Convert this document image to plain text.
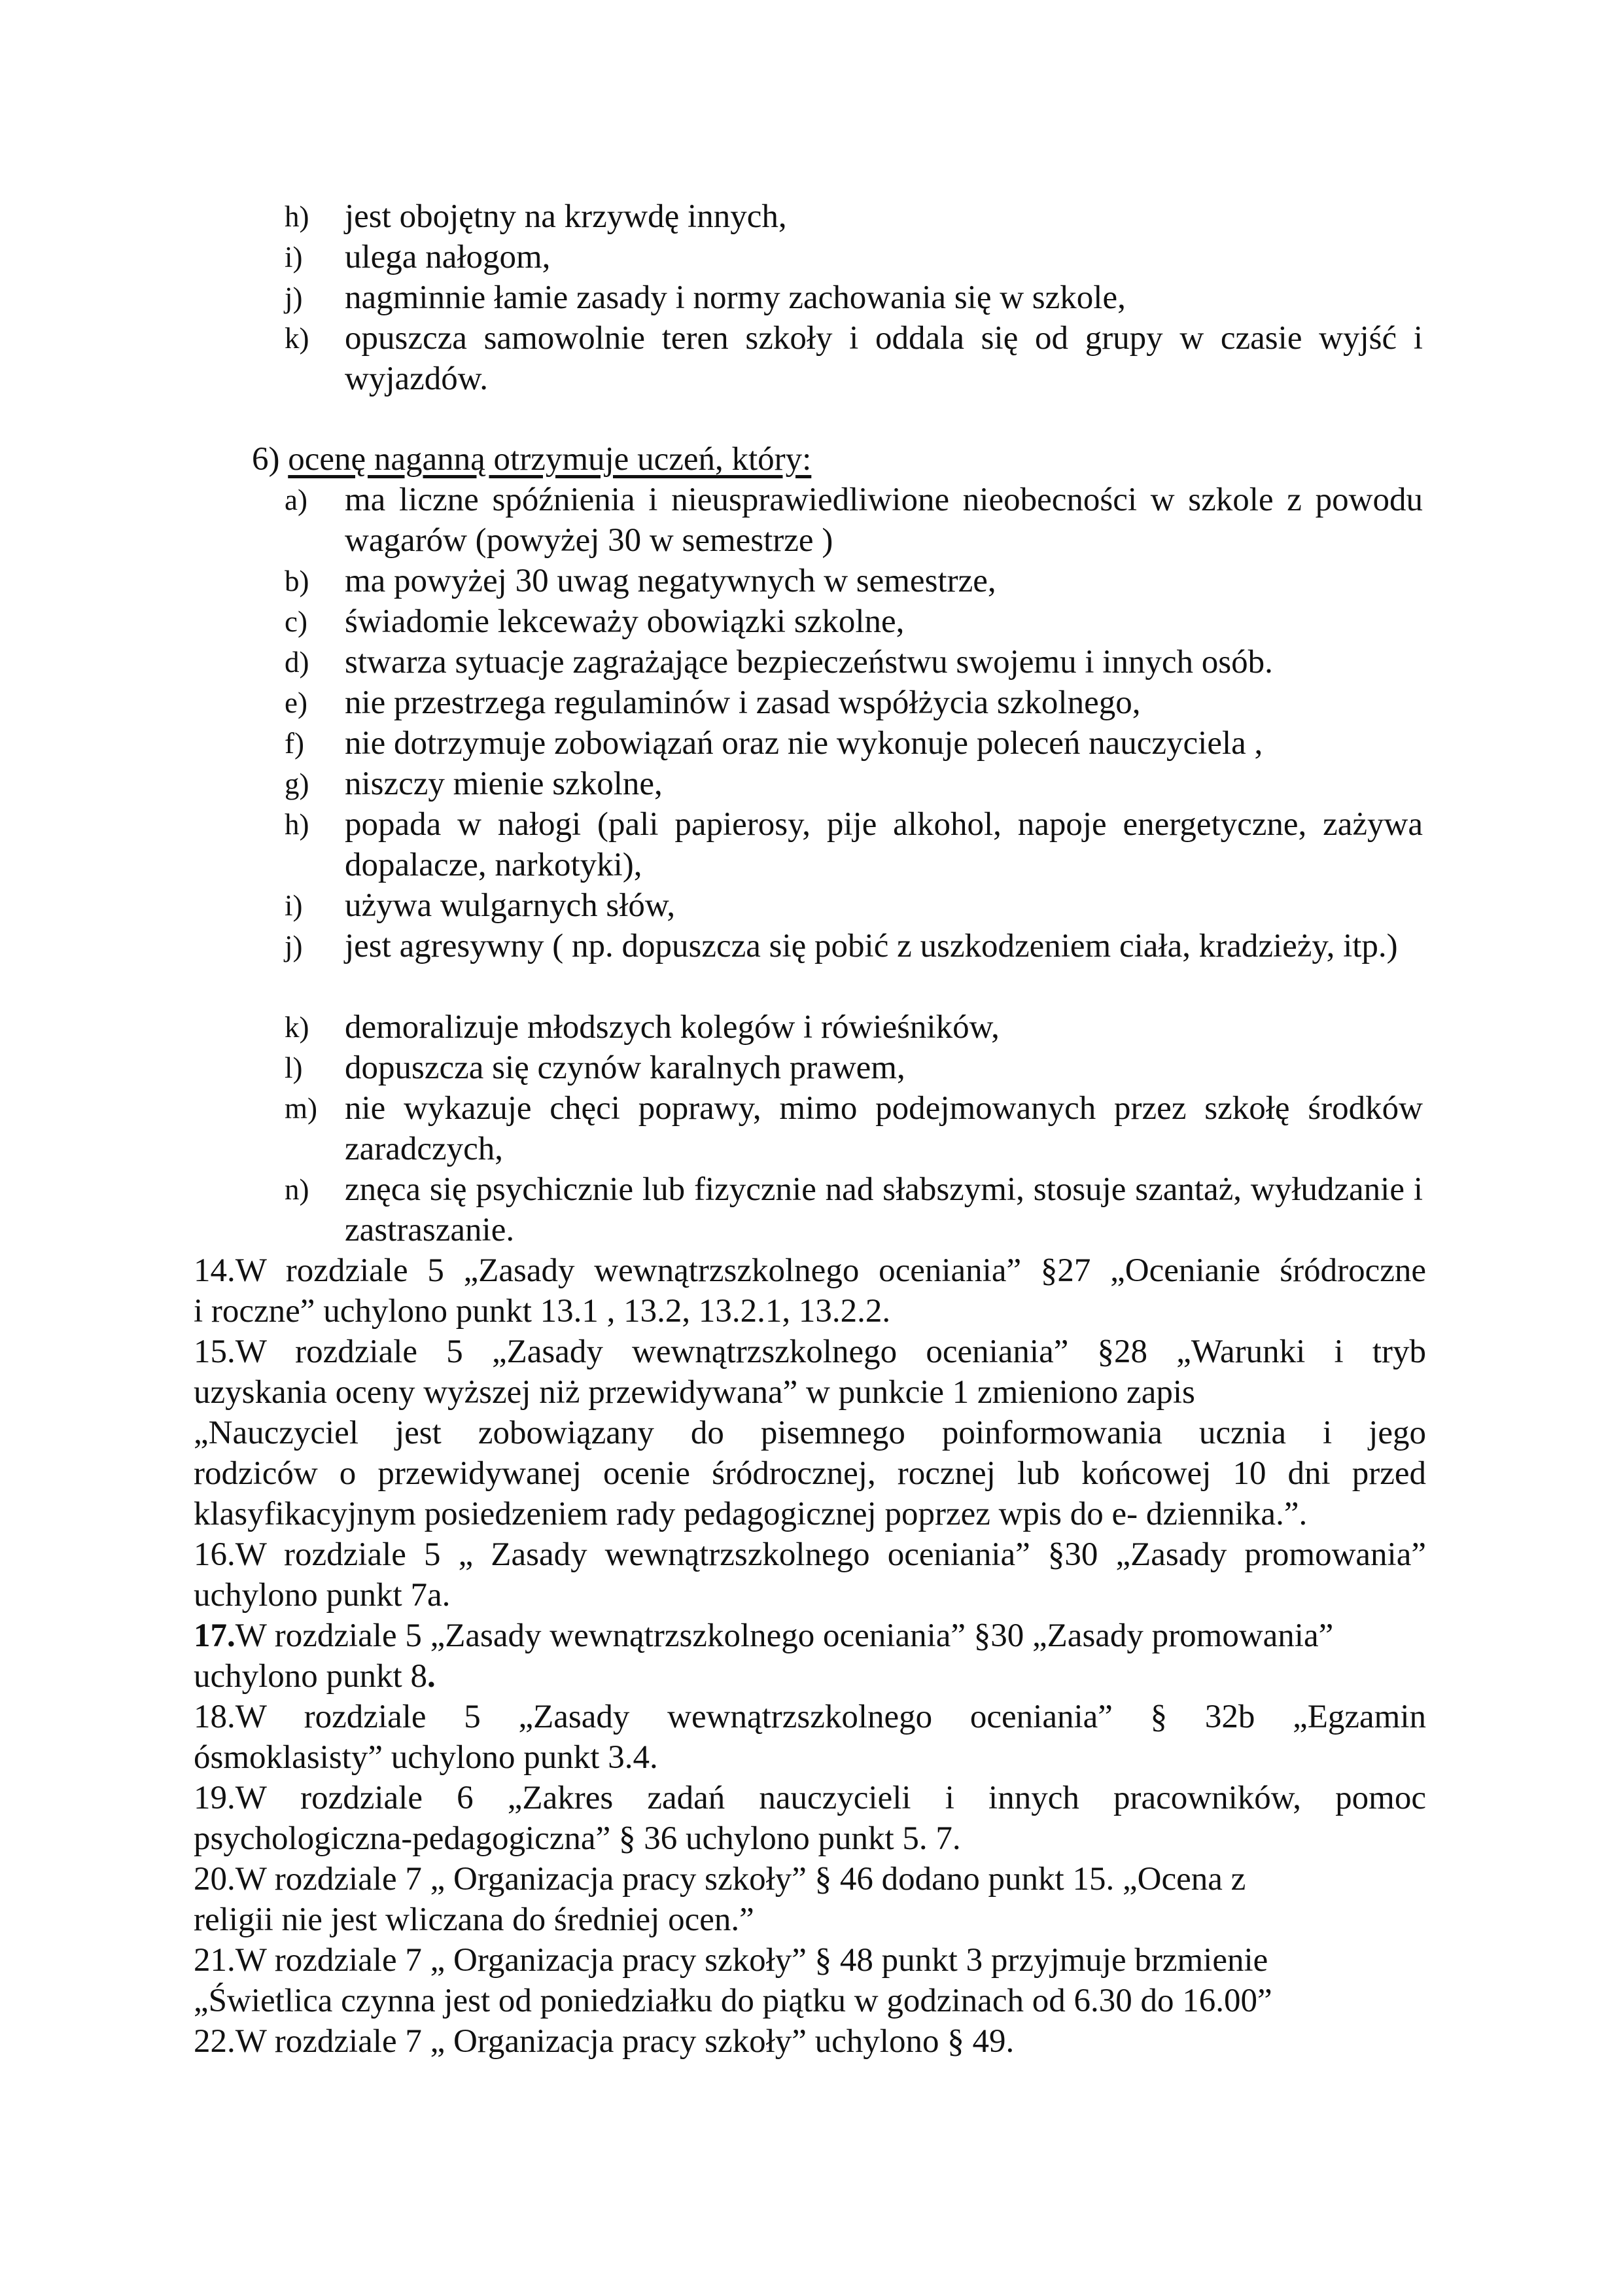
h) jest obojętny na krzywdę innych,
i) ulega nałogom,
j) nagminnie łamie zasady i normy zachowania się w szkole,
k) opuszcza samowolnie teren szkoły i oddala się od grupy w czasie wyjść i wyjazdów.
6) ocenę naganną otrzymuje uczeń, który:
a) ma liczne spóźnienia i nieusprawiedliwione nieobecności w szkole z powodu wagarów (powyżej 30 w semestrze )
b) ma powyżej 30 uwag negatywnych w semestrze,
c) świadomie lekceważy obowiązki szkolne,
d) stwarza sytuacje zagrażające bezpieczeństwu swojemu i innych osób.
e) nie przestrzega regulaminów i zasad współżycia szkolnego,
f) nie dotrzymuje zobowiązań oraz nie wykonuje poleceń nauczyciela ,
g) niszczy mienie szkolne,
h) popada w nałogi (pali papierosy, pije alkohol, napoje energetyczne, zażywa dopalacze, narkotyki),
i) używa wulgarnych słów,
j) jest agresywny ( np. dopuszcza się pobić z uszkodzeniem ciała, kradzieży, itp.)
k) demoralizuje młodszych kolegów i rówieśników,
l) dopuszcza się czynów karalnych prawem,
m) nie wykazuje chęci poprawy, mimo podejmowanych przez szkołę środków zaradczych,
n) znęca się psychicznie lub fizycznie nad słabszymi, stosuje szantaż, wyłudzanie i zastraszanie.
14.W rozdziale 5 „Zasady wewnątrzszkolnego oceniania” §27 „Ocenianie śródroczne
i roczne” uchylono punkt 13.1 , 13.2, 13.2.1, 13.2.2.
15.W rozdziale 5 „Zasady wewnątrzszkolnego oceniania” §28 „Warunki i tryb
uzyskania oceny wyższej niż przewidywana” w punkcie 1 zmieniono zapis
„Nauczyciel jest zobowiązany do pisemnego poinformowania ucznia i jego
rodziców o przewidywanej ocenie śródrocznej, rocznej lub końcowej 10 dni przed
klasyfikacyjnym posiedzeniem rady pedagogicznej poprzez wpis do e- dziennika.”.
16.W rozdziale 5 „ Zasady wewnątrzszkolnego oceniania” §30 „Zasady promowania”
uchylono punkt 7a.
17.W rozdziale 5 „Zasady wewnątrzszkolnego oceniania” §30 „Zasady promowania”
uchylono punkt 8.
18.W rozdziale 5 „Zasady wewnątrzszkolnego oceniania” § 32b „Egzamin
ósmoklasisty” uchylono punkt 3.4.
19.W rozdziale 6 „Zakres zadań nauczycieli i innych pracowników, pomoc
psychologiczna-pedagogiczna” § 36 uchylono punkt 5. 7.
20.W rozdziale 7 „ Organizacja pracy szkoły” § 46 dodano punkt 15. „Ocena z
religii nie jest wliczana do średniej ocen.”
21.W rozdziale 7 „ Organizacja pracy szkoły” § 48 punkt 3 przyjmuje brzmienie
„Świetlica czynna jest od poniedziałku do piątku w godzinach od 6.30 do 16.00”
22.W rozdziale 7 „ Organizacja pracy szkoły” uchylono § 49.
